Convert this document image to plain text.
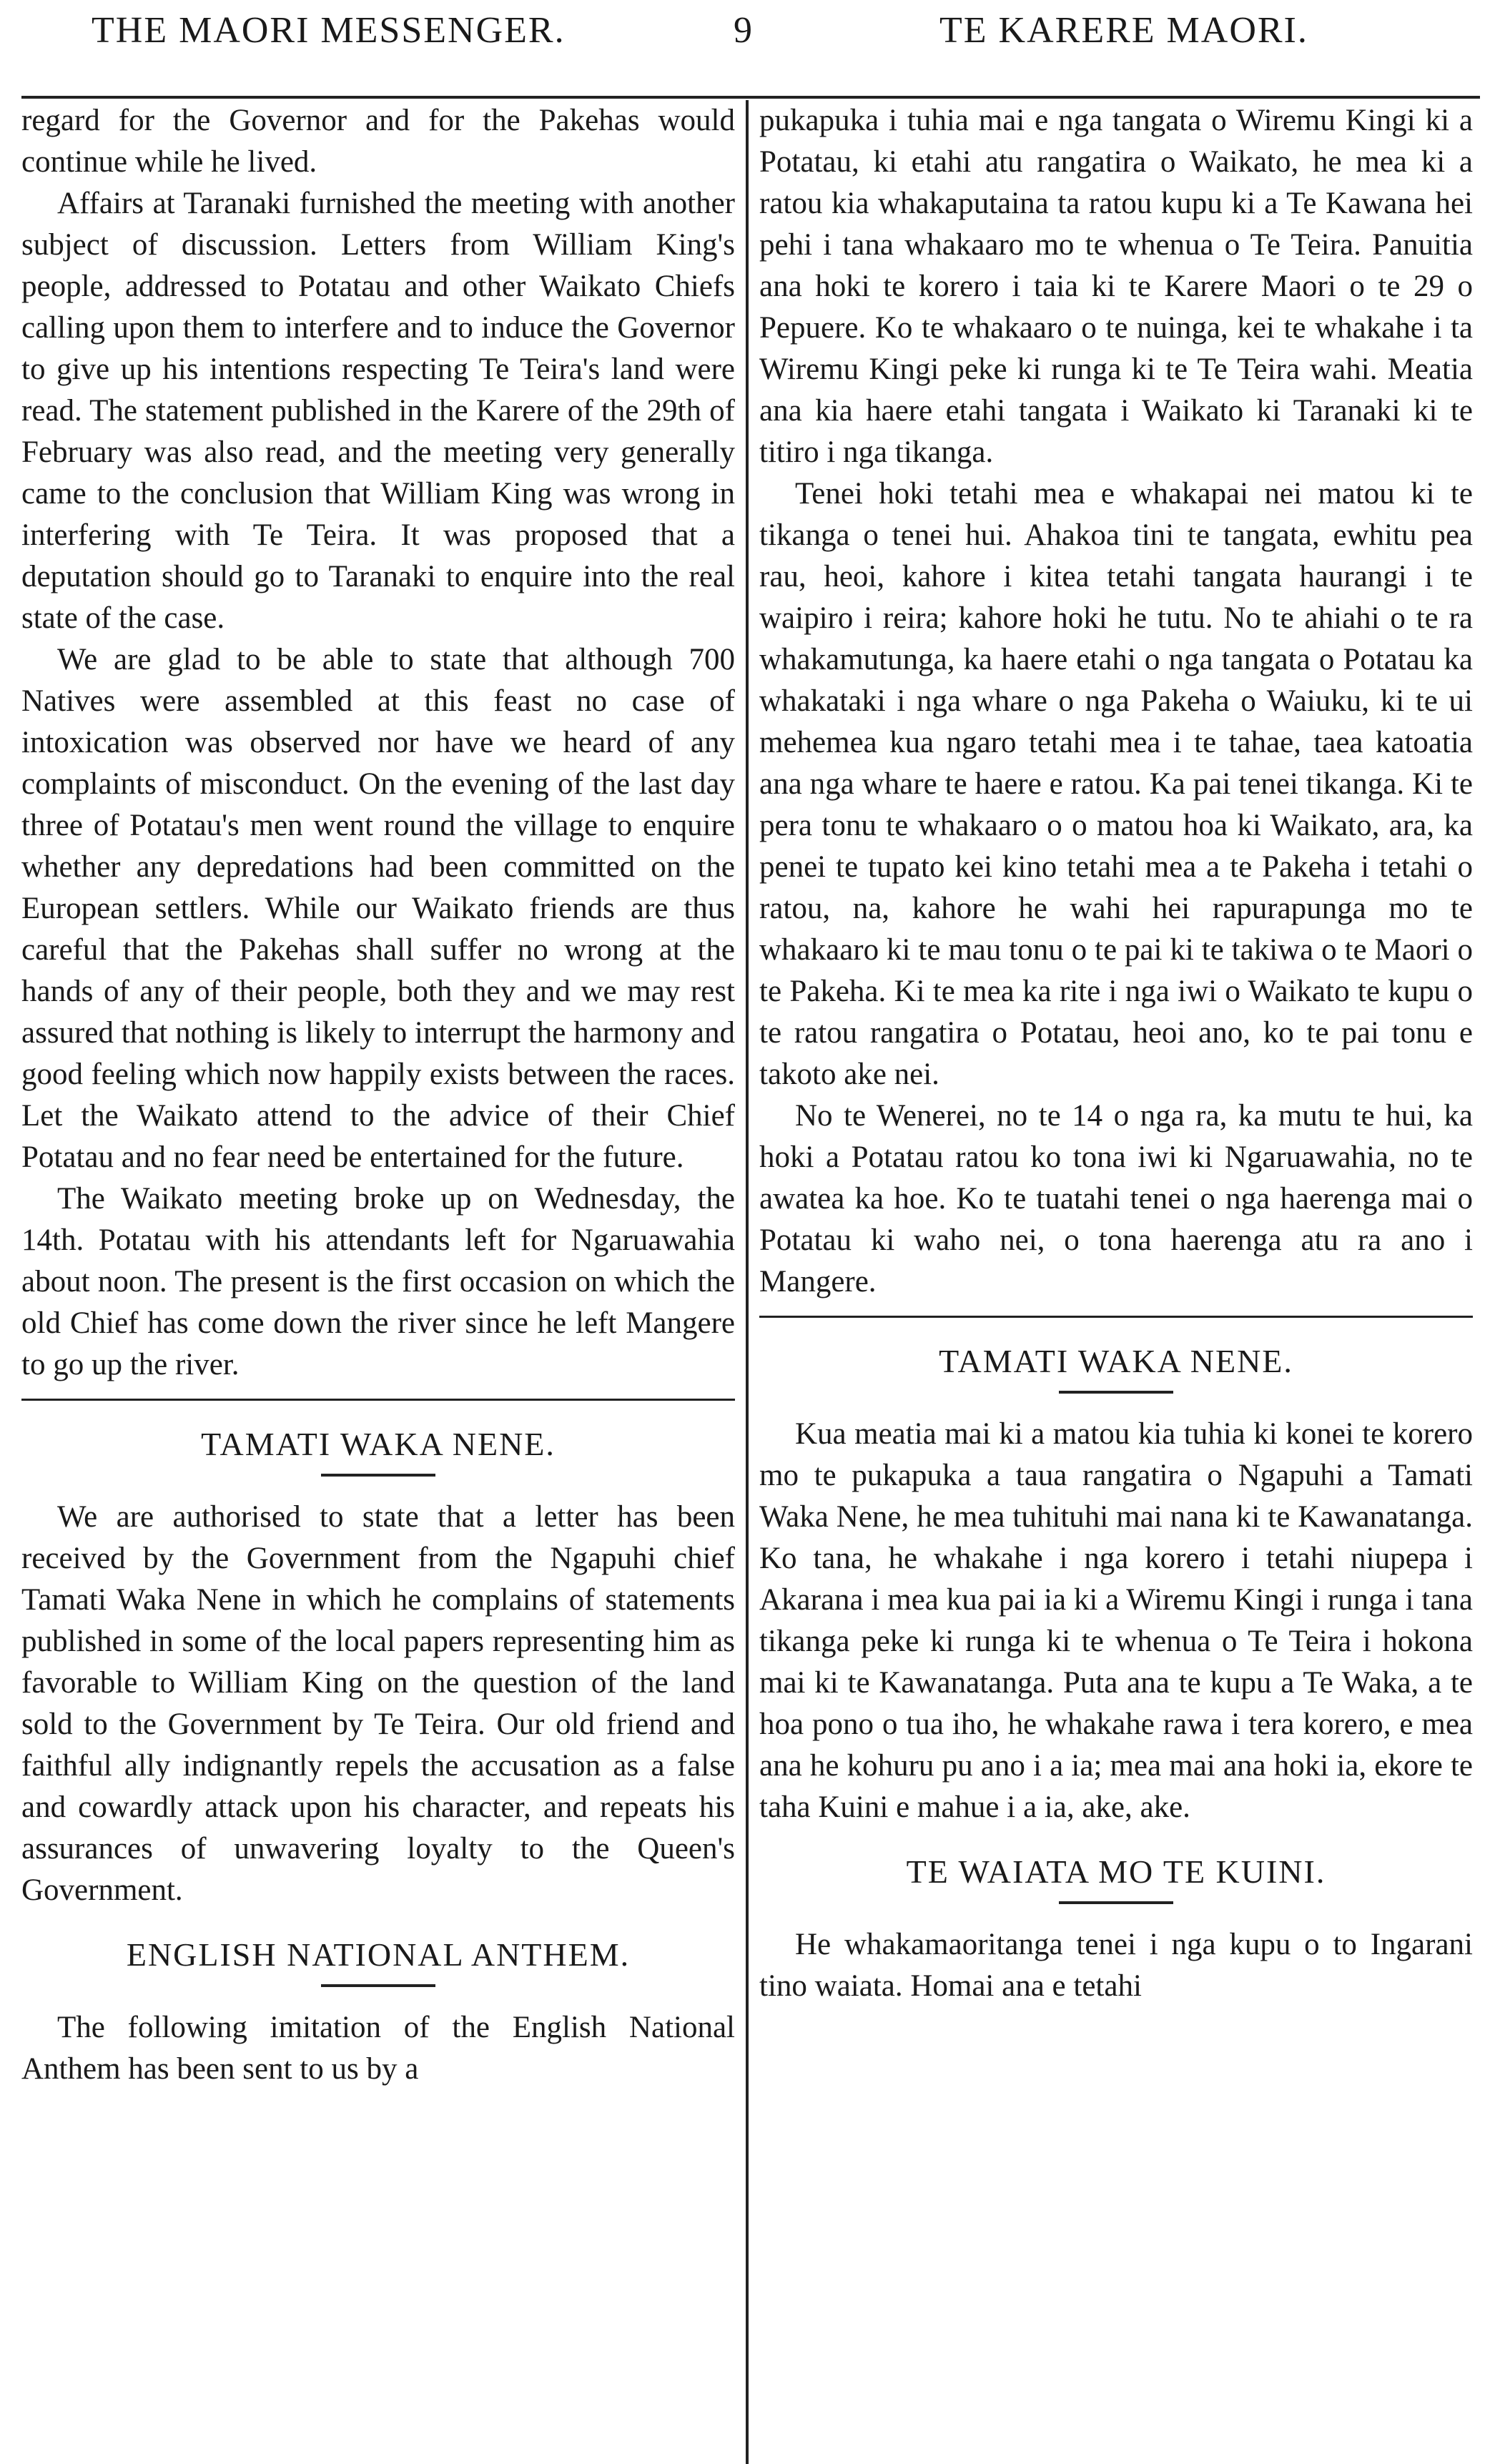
THE MAORI MESSENGER.	9	TE KARERE MAORI.

regard for the Governor and for the Pakehas would continue while he lived.

Affairs at Taranaki furnished the meeting with another subject of discussion. Letters from William King's people, addressed to Potatau and other Waikato Chiefs calling upon them to interfere and to induce the Governor to give up his intentions respecting Te Teira's land were read. The statement published in the Karere of the 29th of February was also read, and the meeting very generally came to the conclusion that William King was wrong in interfering with Te Teira. It was proposed that a deputation should go to Taranaki to enquire into the real state of the case.

We are glad to be able to state that although 700 Natives were assembled at this feast no case of intoxication was observed nor have we heard of any complaints of misconduct. On the evening of the last day three of Potatau's men went round the village to enquire whether any depredations had been committed on the European settlers. While our Waikato friends are thus careful that the Pakehas shall suffer no wrong at the hands of any of their people, both they and we may rest assured that nothing is likely to interrupt the harmony and good feeling which now happily exists between the races. Let the Waikato attend to the advice of their Chief Potatau and no fear need be entertained for the future.

The Waikato meeting broke up on Wednesday, the 14th. Potatau with his attendants left for Ngaruawahia about noon. The present is the first occasion on which the old Chief has come down the river since he left Mangere to go up the river.

TAMATI WAKA NENE.

We are authorised to state that a letter has been received by the Government from the Ngapuhi chief Tamati Waka Nene in which he complains of statements published in some of the local papers representing him as favorable to William King on the question of the land sold to the Government by Te Teira. Our old friend and faithful ally indignantly repels the accusation as a false and cowardly attack upon his character, and repeats his assurances of unwavering loyalty to the Queen's Government.

ENGLISH NATIONAL ANTHEM.

The following imitation of the English National Anthem has been sent to us by a

pukapuka i tuhia mai e nga tangata o Wiremu Kingi ki a Potatau, ki etahi atu rangatira o Waikato, he mea ki a ratou kia whakaputaina ta ratou kupu ki a Te Kawana hei pehi i tana whakaaro mo te whenua o Te Teira. Panuitia ana hoki te korero i taia ki te Karere Maori o te 29 o Pepuere. Ko te whakaaro o te nuinga, kei te whakahe i ta Wiremu Kingi peke ki runga ki te Te Teira wahi. Meatia ana kia haere etahi tangata i Waikato ki Taranaki ki te titiro i nga tikanga.

Tenei hoki tetahi mea e whakapai nei matou ki te tikanga o tenei hui. Ahakoa tini te tangata, ewhitu pea rau, heoi, kahore i kitea tetahi tangata haurangi i te waipiro i reira; kahore hoki he tutu. No te ahiahi o te ra whakamutunga, ka haere etahi o nga tangata o Potatau ka whakataki i nga whare o nga Pakeha o Waiuku, ki te ui mehemea kua ngaro tetahi mea i te tahae, taea katoatia ana nga whare te haere e ratou. Ka pai tenei tikanga. Ki te pera tonu te whakaaro o o matou hoa ki Waikato, ara, ka penei te tupato kei kino tetahi mea a te Pakeha i tetahi o ratou, na, kahore he wahi hei rapurapunga mo te whakaaro ki te mau tonu o te pai ki te takiwa o te Maori o te Pakeha. Ki te mea ka rite i nga iwi o Waikato te kupu o te ratou rangatira o Potatau, heoi ano, ko te pai tonu e takoto ake nei.

No te Wenerei, no te 14 o nga ra, ka mutu te hui, ka hoki a Potatau ratou ko tona iwi ki Ngaruawahia, no te awatea ka hoe. Ko te tuatahi tenei o nga haerenga mai o Potatau ki waho nei, o tona haerenga atu ra ano i Mangere.

TAMATI WAKA NENE.

Kua meatia mai ki a matou kia tuhia ki konei te korero mo te pukapuka a taua rangatira o Ngapuhi a Tamati Waka Nene, he mea tuhituhi mai nana ki te Kawanatanga. Ko tana, he whakahe i nga korero i tetahi niupepa i Akarana i mea kua pai ia ki a Wiremu Kingi i runga i tana tikanga peke ki runga ki te whenua o Te Teira i hokona mai ki te Kawanatanga. Puta ana te kupu a Te Waka, a te hoa pono o tua iho, he whakahe rawa i tera korero, e mea ana he kohuru pu ano i a ia; mea mai ana hoki ia, ekore te taha Kuini e mahue i a ia, ake, ake.

TE WAIATA MO TE KUINI.

He whakamaoritanga tenei i nga kupu o to Ingarani tino waiata. Homai ana e tetahi
